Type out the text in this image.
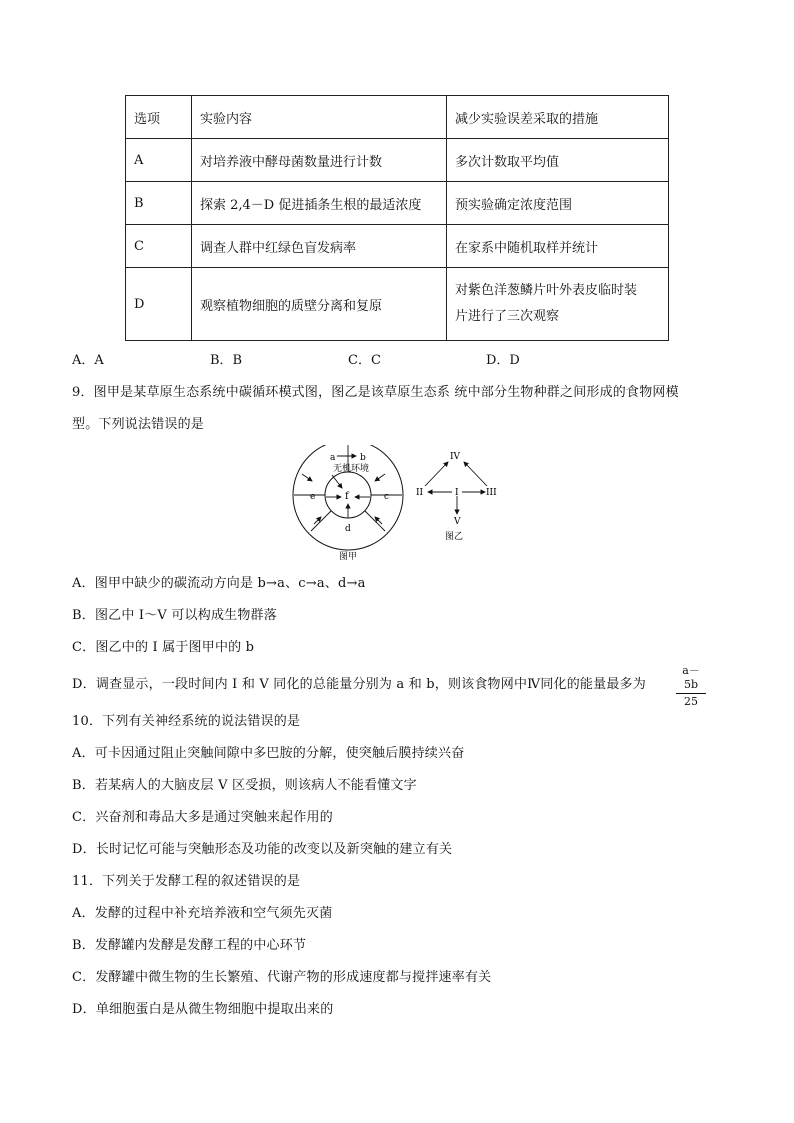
选项	实验内容	减少实验误差采取的措施
A	对培养液中酵母菌数量进行计数	多次计数取平均值
B	探索 2,4－D 促进插条生根的最适浓度	预实验确定浓度范围
C	调查人群中红绿色盲发病率	在家系中随机取样并统计
D	观察植物细胞的质壁分离和复原	对紫色洋葱鳞片叶外表皮临时装
片进行了三次观察
A．A	B．B	C．C	D．D
9．图甲是某草原生态系统中碳循环模式图，图乙是该草原生态系 统中部分生物种群之间形成的食物网模
型。下列说法错误的是
a	b
无机环境
f
e	c
d
图甲
IV
II	I	III
V
图乙
A．图甲中缺少的碳流动方向是 b→a、c→a、d→a
B．图乙中 I～V 可以构成生物群落
C．图乙中的 I 属于图甲中的 b
D．调查显示，一段时间内 I 和 V 同化的总能量分别为 a 和 b，则该食物网中Ⅳ同化的能量最多为
a－5b
25
10．下列有关神经系统的说法错误的是
A．可卡因通过阻止突触间隙中多巴胺的分解，使突触后膜持续兴奋
B．若某病人的大脑皮层 V 区受损，则该病人不能看懂文字
C．兴奋剂和毒品大多是通过突触来起作用的
D．长时记忆可能与突触形态及功能的改变以及新突触的建立有关
11．下列关于发酵工程的叙述错误的是
A．发酵的过程中补充培养液和空气须先灭菌
B．发酵罐内发酵是发酵工程的中心环节
C．发酵罐中微生物的生长繁殖、代谢产物的形成速度都与搅拌速率有关
D．单细胞蛋白是从微生物细胞中提取出来的
